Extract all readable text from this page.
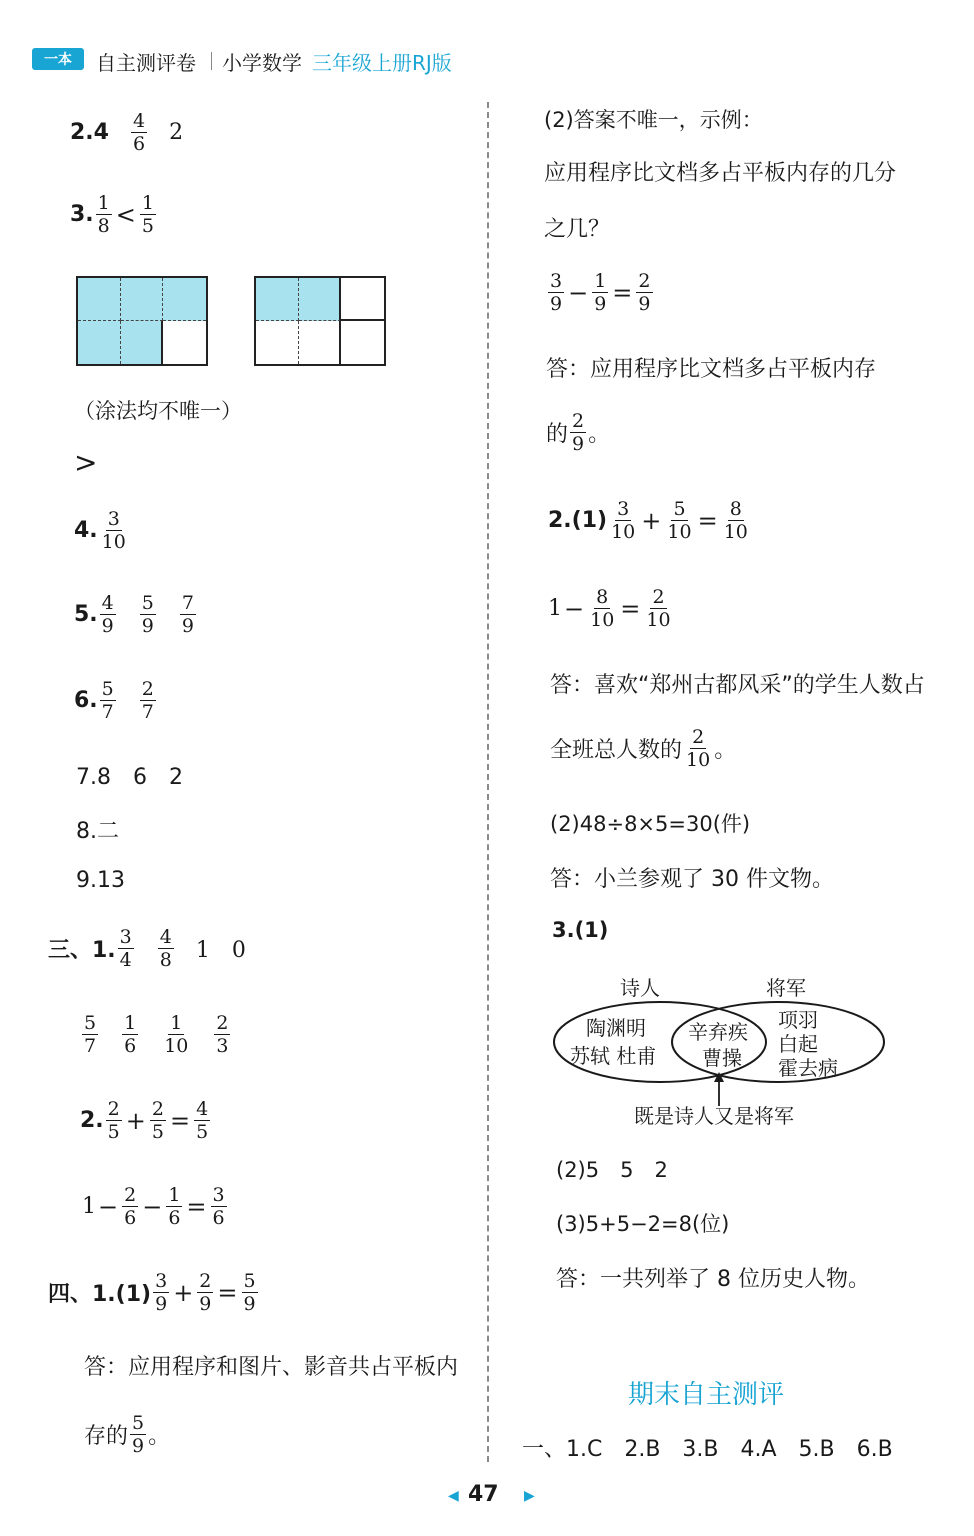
一本	自主测评卷 小学数学 三年级上册RJ版
$2.4 \frac{4}{6} 2$
3. $\frac{1}{8} < \frac{1}{5}$
（涂法均不唯一）
>
4. $\frac{3}{10}$
5. $\frac{4}{9} \frac{5}{9} \frac{7}{9}$
6. $\frac{5}{7} \frac{2}{7}$
7.8　6　2
8.二
9.13
三、1. $\frac{3}{4} \frac{4}{8} 1$　0
$\frac{5}{7} \frac{1}{6} \frac{1}{10} \frac{2}{3}$
2. $\frac{2}{5} + \frac{2}{5} = \frac{4}{5}$
$1 - \frac{2}{6} - \frac{1}{6} = \frac{3}{6}$
四、$1.(1) \frac{3}{9} + \frac{2}{9} = \frac{5}{9}$
答：应用程序和图片、影音共占平板内
存的 $\frac{5}{9}$ 。
(2)答案不唯一，示例：
应用程序比文档多占平板内存的几分
之几？
$\frac{3}{9} - \frac{1}{9} = \frac{2}{9}$
答：应用程序比文档多占平板内存
的 $\frac{2}{9}$ 。
$2.(1) \frac{3}{10} + \frac{5}{10} = \frac{8}{10}$
$1 - \frac{8}{10} = \frac{2}{10}$
答：喜欢“郑州古都风采”的学生人数占
全班总人数的 $\frac{2}{10}$ 。
(2)48÷8×5=30(件)
答：小兰参观了 30 件文物。
3.(1)
诗人	将军
陶渊明
苏轼 杜甫
辛弃疾
曹操
项羽
白起
霍去病
既是诗人又是将军
(2)5　5　2
(3)5+5−2=8(位)
答：一共列举了 8 位历史人物。
期末自主测评
一、1.C　2.B　3.B　4.A　5.B　6.B
◀ 47 ▶
